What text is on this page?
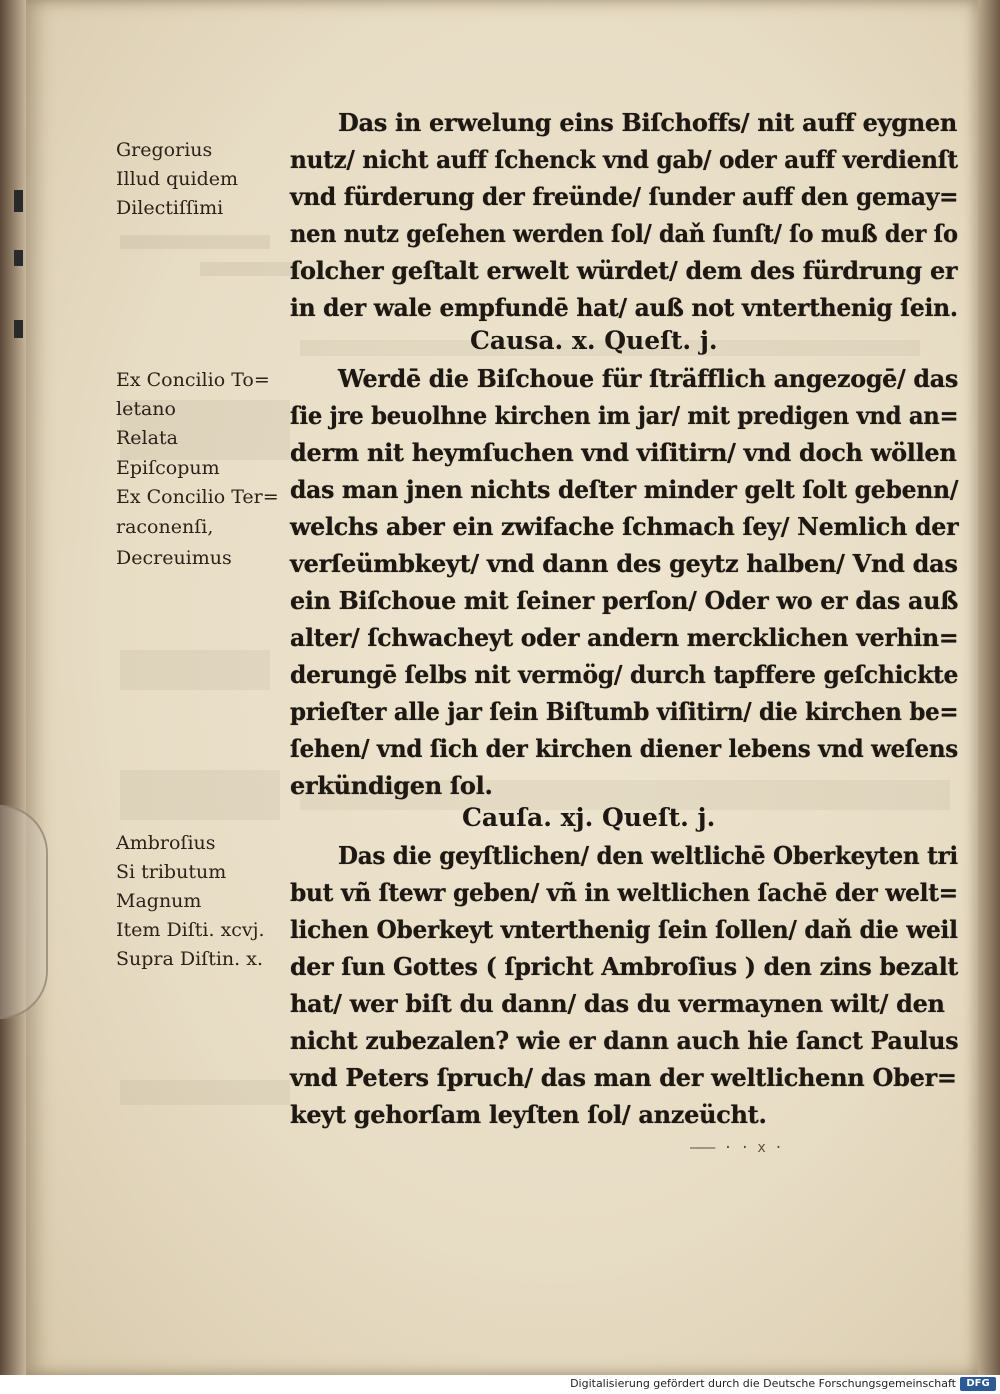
Gregorius
Illud quidem
Dilectiſſimi
Ex Concilio To=
letano
Relata
Epiſcopum
Ex Concilio Ter=
raconenſi,
Decreuimus
Ambroſius
Si tributum
Magnum
Item Diſti. xcvj.
Supra Diſtin. x.
Das in erwelung eins Biſchoffs/ nit auff eygnen
nutz/ nicht auff ſchenck vnd gab/ oder auff verdienſt
vnd fürderung der freünde/ ſunder auff den gemay=
nen nutz geſehen werden ſol/ daň ſunſt/ ſo muß der ſo
ſolcher geſtalt erwelt würdet/ dem des fürdrung er
in der wale empfundē hat/ auß not vnterthenig ſein.
Causa. x. Queſt. j.
Werdē die Biſchoue für ſträfflich angezogē/ das
ſie jre beuolhne kirchen im jar/ mit predigen vnd an=
derm nit heymſuchen vnd viſitirn/ vnd doch wöllen
das man jnen nichts deſter minder gelt ſolt gebenn/
welchs aber ein zwifache ſchmach ſey/ Nemlich der
verſeümbkeyt/ vnd dann des geytz halben/ Vnd das
ein Biſchoue mit ſeiner perſon/ Oder wo er das auß
alter/ ſchwacheyt oder andern mercklichen verhin=
derungē ſelbs nit vermög/ durch tapffere geſchickte
prieſter alle jar ſein Biſtumb viſitirn/ die kirchen be=
ſehen/ vnd ſich der kirchen diener lebens vnd weſens
erkündigen ſol.
Cauſa. xj. Queſt. j.
Das die geyſtlichen/ den weltlichē Oberkeyten tri
but vñ ſtewr geben/ vñ in weltlichen ſachē der welt=
lichen Oberkeyt vnterthenig ſein ſollen/ daň die weil
der ſun Gottes ( ſpricht Ambroſius ) den zins bezalt
hat/ wer biſt du dann/ das du vermaynen wilt/ den
nicht zubezalen? wie er dann auch hie ſanct Paulus
vnd Peters ſpruch/ das man der weltlichenn Ober=
keyt gehorſam leyſten ſol/ anzeücht.
––– · · x ·
Digitalisierung gefördert durch die Deutsche Forschungsgemeinschaft	DFG
